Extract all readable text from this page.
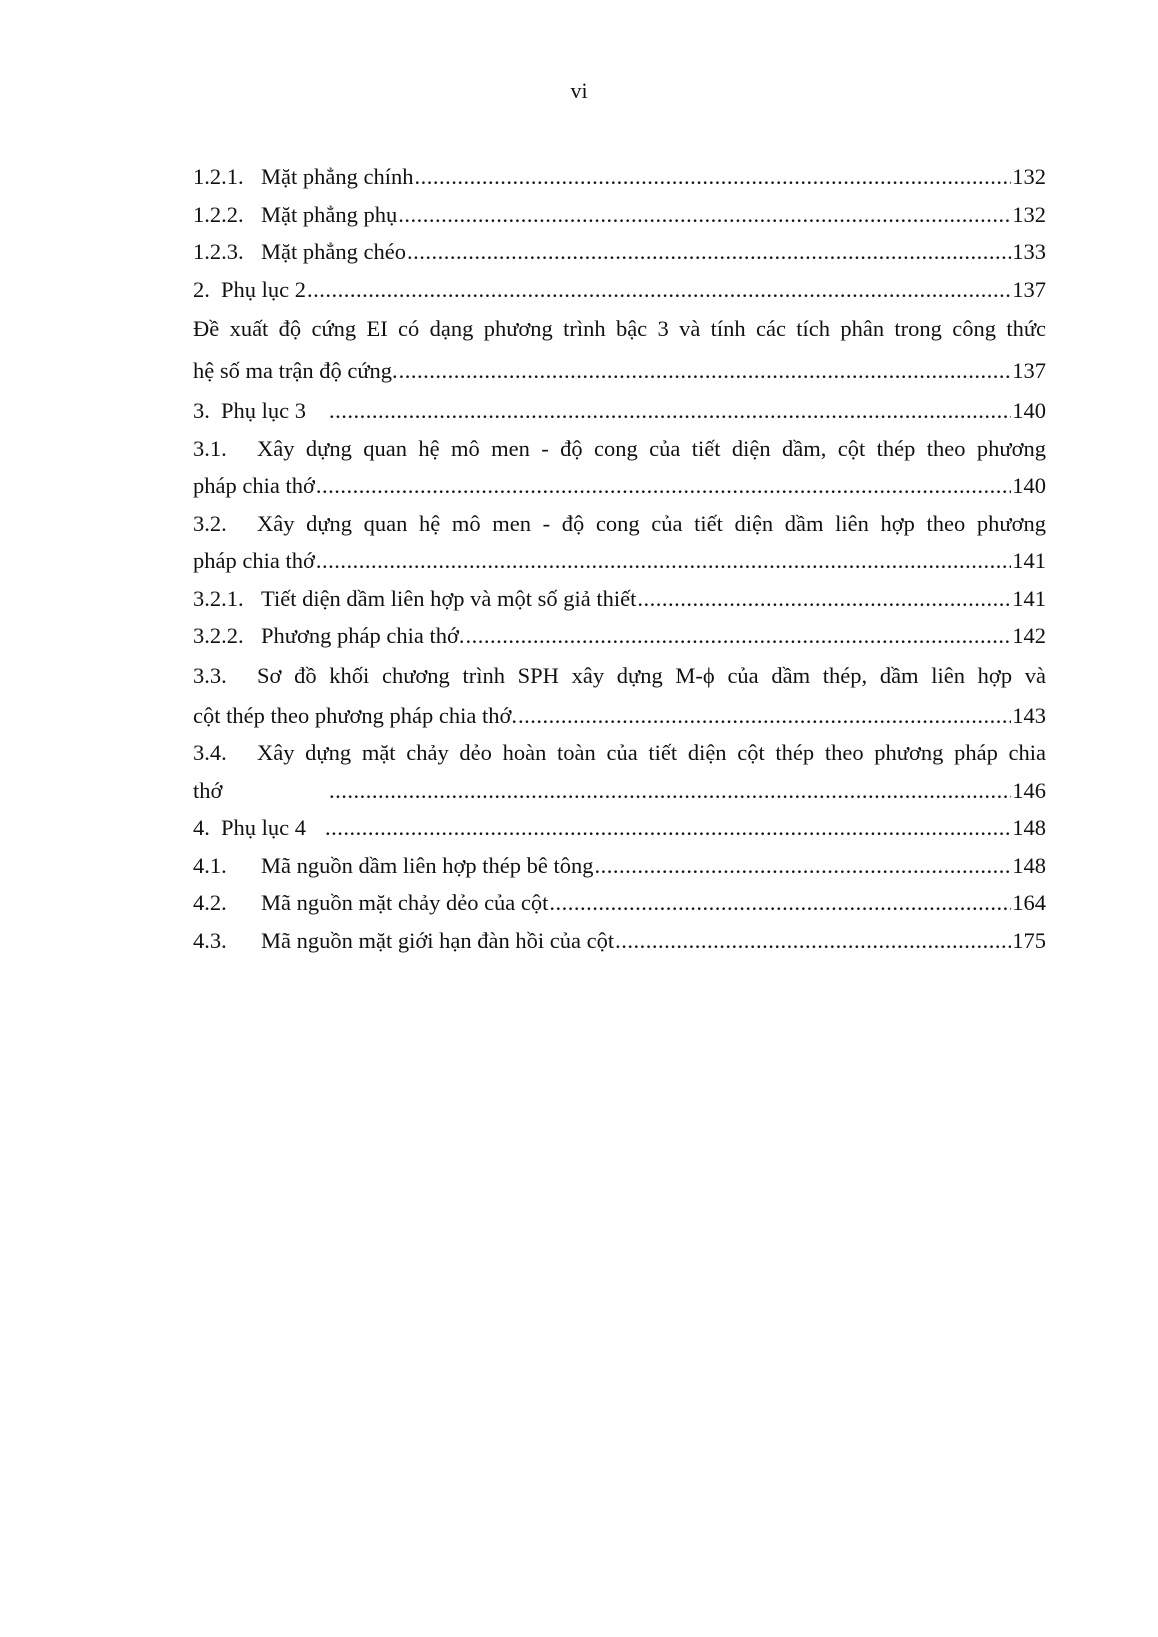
vi
1.2.1. Mặt phẳng chính .....	132
1.2.2. Mặt phẳng phụ .....	132
1.2.3. Mặt phẳng chéo .....	133
2. Phụ lục 2 .....	137
Đề xuất độ cứng EI có dạng phương trình bậc 3 và tính các tích phân trong công thức
hệ số ma trận độ cứng. .....	137
3. Phụ lục 3 .....	140
3.1. Xây dựng quan hệ mô men - độ cong của tiết diện dầm, cột thép theo phương
pháp chia thớ .....	140
3.2. Xây dựng quan hệ mô men - độ cong của tiết diện dầm liên hợp theo phương
pháp chia thớ .....	141
3.2.1. Tiết diện dầm liên hợp và một số giả thiết .....	141
3.2.2. Phương pháp chia thớ. .....	142
3.3. Sơ đồ khối chương trình SPH xây dựng M-ϕ của dầm thép, dầm liên hợp và
cột thép theo phương pháp chia thớ. .....	143
3.4. Xây dựng mặt chảy dẻo hoàn toàn của tiết diện cột thép theo phương pháp chia
thớ .....	146
4. Phụ lục 4 .....	148
4.1.	Mã nguồn dầm liên hợp thép bê tông .....	148
4.2.	Mã nguồn mặt chảy dẻo của cột .....	164
4.3.	Mã nguồn mặt giới hạn đàn hồi của cột .....	175
